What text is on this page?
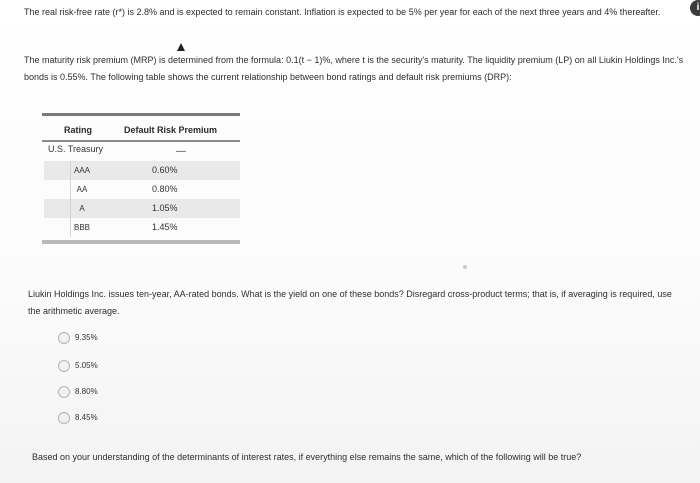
The real risk-free rate (r*) is 2.8% and is expected to remain constant. Inflation is expected to be 5% per year for each of the next three years and 4% thereafter.	i

The maturity risk premium (MRP) is determined from the formula: 0.1(t − 1)%, where t is the security's maturity. The liquidity premium (LP) on all Liukin Holdings Inc.'s bonds is 0.55%. The following table shows the current relationship between bond ratings and default risk premiums (DRP):

Rating	Default Risk Premium
U.S. Treasury	—
AAA	0.60%
AA	0.80%
A	1.05%
BBB	1.45%

Liukin Holdings Inc. issues ten-year, AA-rated bonds. What is the yield on one of these bonds? Disregard cross-product terms; that is, if averaging is required, use the arithmetic average.

9.35%
5.05%
8.80%
8.45%

Based on your understanding of the determinants of interest rates, if everything else remains the same, which of the following will be true?
